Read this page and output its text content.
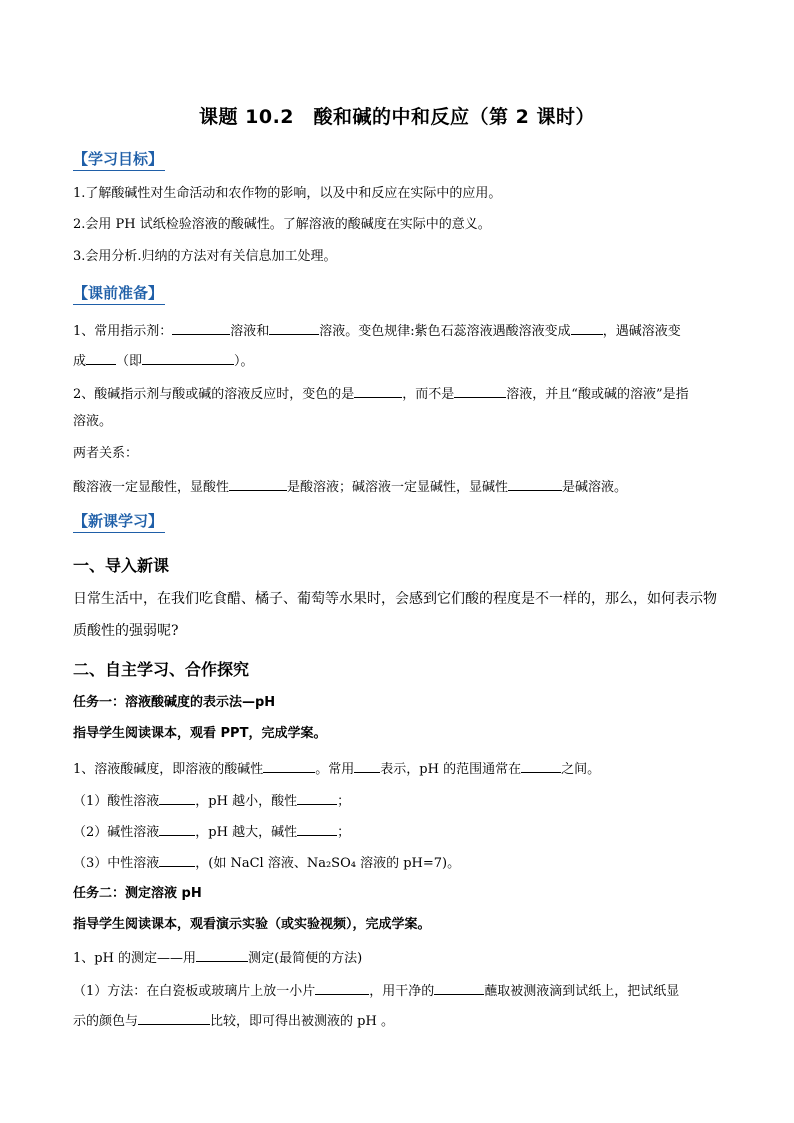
课题 10.2　酸和碱的中和反应（第 2 课时）
【学习目标】
1.了解酸碱性对生命活动和农作物的影响，以及中和反应在实际中的应用。
2.会用 PH 试纸检验溶液的酸碱性。了解溶液的酸碱度在实际中的意义。
3.会用分析.归纳的方法对有关信息加工处理。
【课前准备】
1、常用指示剂：	溶液和	溶液。变色规律:紫色石蕊溶液遇酸溶液变成 ，遇碱溶液变
成 （即	）。
2、酸碱指示剂与酸或碱的溶液反应时，变色的是	，而不是	溶液，并且“酸或碱的溶液”是指
溶液。
两者关系：
酸溶液一定显酸性，显酸性	是酸溶液；碱溶液一定显碱性，显碱性	是碱溶液。
【新课学习】
一、导入新课
日常生活中，在我们吃食醋、橘子、葡萄等水果时，会感到它们酸的程度是不一样的，那么，如何表示物
质酸性的强弱呢?
二、自主学习、合作探究
任务一：溶液酸碱度的表示法—pH
指导学生阅读课本，观看 PPT，完成学案。
1、溶液酸碱度，即溶液的酸碱性	。常用 表示，pH 的范围通常在	之间。
（1）酸性溶液	，pH 越小，酸性	；
（2）碱性溶液	，pH 越大，碱性	；
（3）中性溶液	，(如 NaCl 溶液、Na₂SO₄ 溶液的 pH=7)。
任务二：测定溶液 pH
指导学生阅读课本，观看演示实验（或实验视频），完成学案。
1、pH 的测定——用	测定(最简便的方法)
（1）方法：在白瓷板或玻璃片上放一小片	，用干净的	蘸取被测液滴到试纸上，把试纸显
示的颜色与	比较，即可得出被测液的 pH 。
